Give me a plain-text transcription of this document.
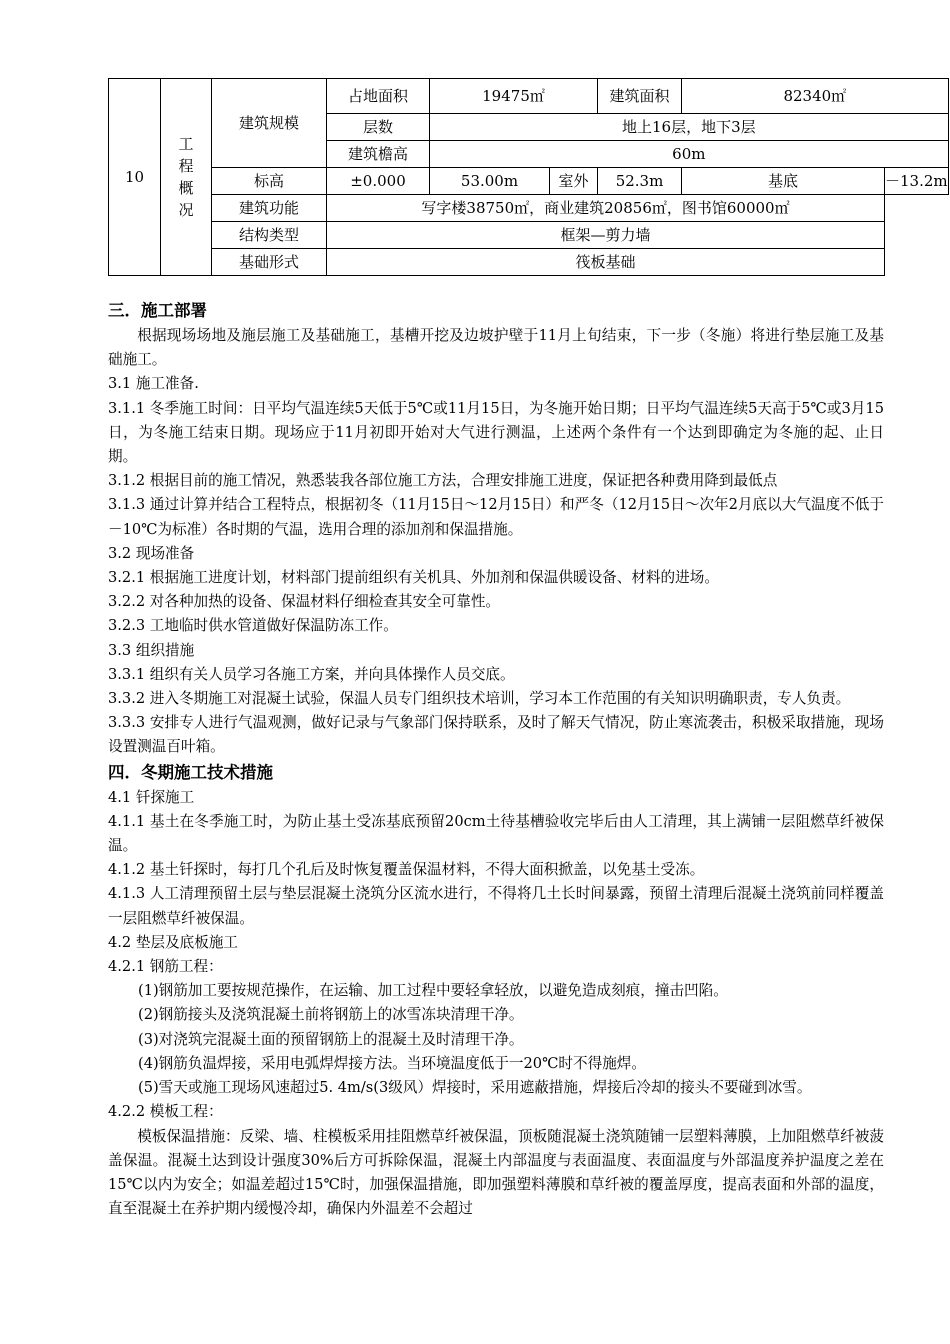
10	工
程
概
况	建筑规模	占地面积	19475㎡		建筑面积	82340㎡	
			层数	地上16层，地下3层				
			建筑檐高	60m				
		标高	±0.000	53.00m	室外	52.3m	基底	－13.2m
		建筑功能	写字楼38750㎡，商业建筑20856㎡，图书馆60000㎡					
		结构类型	框架—剪力墙					
		基础形式	筏板基础					
三．施工部署

根据现场场地及施层施工及基础施工，基槽开挖及边坡护壁于11月上旬结束，下一步（冬施）将进行垫层施工及基础施工。

3.1 施工准备.

3.1.1 冬季施工时间：日平均气温连续5天低于5℃或11月15日，为冬施开始日期；日平均气温连续5天高于5℃或3月15日，为冬施工结束日期。现场应于11月初即开始对大气进行测温，上述两个条件有一个达到即确定为冬施的起、止日期。

3.1.2 根据目前的施工情况，熟悉装我各部位施工方法，合理安排施工进度，保证把各种费用降到最低点

3.1.3 通过计算并结合工程特点，根据初冬（11月15日～12月15日）和严冬（12月15日～次年2月底以大气温度不低于－10℃为标准）各时期的气温，选用合理的添加剂和保温措施。

3.2 现场准备

3.2.1 根据施工进度计划，材料部门提前组织有关机具、外加剂和保温供暖设备、材料的进场。

3.2.2 对各种加热的设备、保温材料仔细检查其安全可靠性。

3.2.3 工地临时供水管道做好保温防冻工作。

3.3 组织措施

3.3.1 组织有关人员学习各施工方案，并向具体操作人员交底。

3.3.2 进入冬期施工对混凝土试验，保温人员专门组织技术培训，学习本工作范围的有关知识明确职责，专人负责。

3.3.3 安排专人进行气温观测，做好记录与气象部门保持联系，及时了解天气情况，防止寒流袭击，积极采取措施，现场设置测温百叶箱。

四．冬期施工技术措施

4.1 钎探施工

4.1.1 基土在冬季施工时，为防止基土受冻基底预留20cm土待基槽验收完毕后由人工清理，其上满铺一层阻燃草纤被保温。

4.1.2 基土钎探时，每打几个孔后及时恢复覆盖保温材料，不得大面积掀盖，以免基土受冻。

4.1.3 人工清理预留土层与垫层混凝土浇筑分区流水进行，不得将几土长时间暴露，预留土清理后混凝土浇筑前同样覆盖一层阻燃草纤被保温。

4.2 垫层及底板施工

4.2.1 钢筋工程：

(1)钢筋加工要按规范操作，在运输、加工过程中要轻拿轻放，以避免造成刻痕，撞击凹陷。

(2)钢筋接头及浇筑混凝土前将钢筋上的冰雪冻块清理干净。

(3)对浇筑完混凝土面的预留钢筋上的混凝土及时清理干净。

(4)钢筋负温焊接，采用电弧焊焊接方法。当环境温度低于一20℃时不得施焊。

(5)雪天或施工现场风速超过5. 4m/s(3级风）焊接时，采用遮蔽措施，焊接后冷却的接头不要碰到冰雪。

4.2.2 模板工程：

模板保温措施：反梁、墙、柱模板采用挂阻燃草纤被保温，顶板随混凝土浇筑随铺一层塑料薄膜，上加阻燃草纤被菠盖保温。混凝土达到设计强度30%后方可拆除保温，混凝土内部温度与表面温度、表面温度与外部温度养护温度之差在15℃以内为安全；如温差超过15℃时，加强保温措施，即加强塑料薄膜和草纤被的覆盖厚度，提高表面和外部的温度，直至混凝土在养护期内缓慢冷却，确保内外温差不会超过
